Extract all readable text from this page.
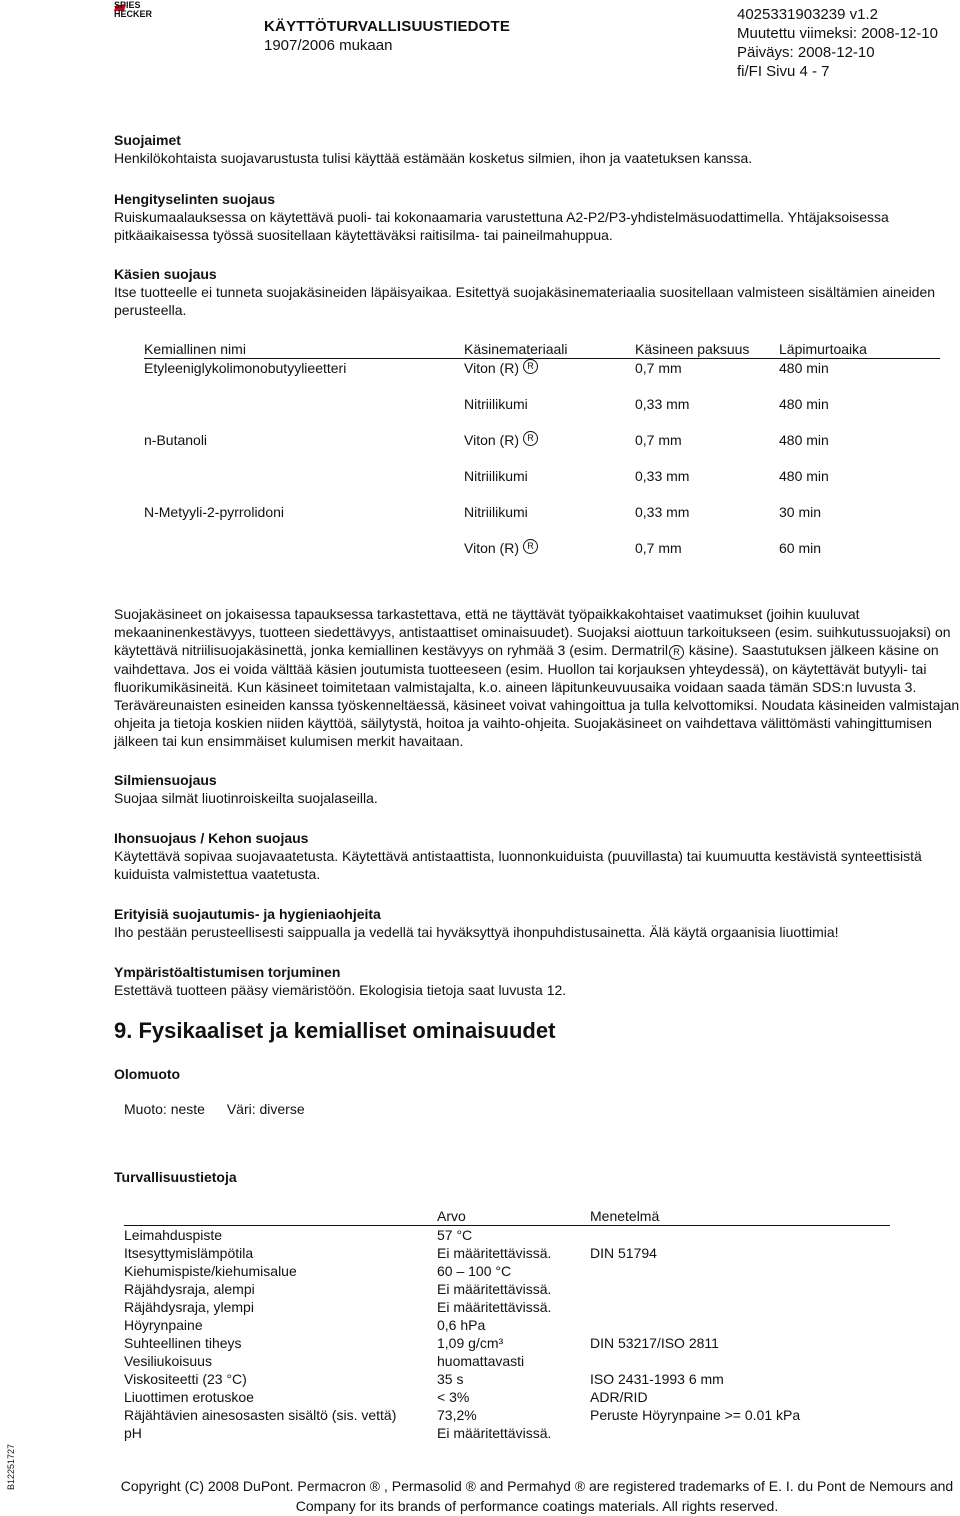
SPIES
HECKER
KÄYTTÖTURVALLISUUSTIEDOTE
1907/2006 mukaan
4025331903239 v1.2
Muutettu viimeksi: 2008-12-10
Päiväys: 2008-12-10
fi/FI Sivu 4 - 7
Suojaimet

Henkilökohtaista suojavarustusta tulisi käyttää estämään kosketus silmien, ihon ja vaatetuksen kanssa.

Hengityselinten suojaus

Ruiskumaalauksessa on käytettävä puoli- tai kokonaamaria varustettuna A2-P2/P3-yhdistelmäsuodattimella. Yhtäjaksoisessa pitkäaikaisessa työssä suositellaan käytettäväksi raitisilma- tai paineilmahuppua.

Käsien suojaus

Itse tuotteelle ei tunneta suojakäsineiden läpäisyaikaa. Esitettyä suojakäsinemateriaalia suositellaan valmisteen sisältämien aineiden perusteella.

Kemiallinen nimi	Käsinemateriaali	Käsineen paksuus	Läpimurtoaika
Etyleeniglykolimonobutyylieetteri	Viton (R) R	0,7 mm	480 min
	Nitriilikumi	0,33 mm	480 min
n-Butanoli	Viton (R) R	0,7 mm	480 min
	Nitriilikumi	0,33 mm	480 min
N-Metyyli-2-pyrrolidoni	Nitriilikumi	0,33 mm	30 min
	Viton (R) R	0,7 mm	60 min

Suojakäsineet on jokaisessa tapauksessa tarkastettava, että ne täyttävät työpaikkakohtaiset vaatimukset (joihin kuuluvat mekaaninenkestävyys, tuotteen siedettävyys, antistaattiset ominaisuudet). Suojaksi aiottuun tarkoitukseen (esim. suihkutussuojaksi) on käytettävä nitriilisuojakäsinettä, jonka kemiallinen kestävyys on ryhmää 3 (esim. Dermatril R käsine). Saastutuksen jälkeen käsine on vaihdettava. Jos ei voida välttää käsien joutumista tuotteeseen (esim. Huollon tai korjauksen yhteydessä), on käytettävät butyyli- tai fluorikumikäsineitä. Kun käsineet toimitetaan valmistajalta, k.o. aineen läpitunkeuvuusaika voidaan saada tämän SDS:n luvusta 3. Teräväreunaisten esineiden kanssa työskenneltäessä, käsineet voivat vahingoittua ja tulla kelvottomiksi. Noudata käsineiden valmistajan ohjeita ja tietoja koskien niiden käyttöä, säilytystä, hoitoa ja vaihto-ohjeita. Suojakäsineet on vaihdettava välittömästi vahingittumisen jälkeen tai kun ensimmäiset kulumisen merkit havaitaan.

Silmiensuojaus

Suojaa silmät liuotinroiskeilta suojalaseilla.

Ihonsuojaus / Kehon suojaus

Käytettävä sopivaa suojavaatetusta. Käytettävä antistaattista, luonnonkuiduista (puuvillasta) tai kuumuutta kestävistä synteettisistä kuiduista valmistettua vaatetusta.

Erityisiä suojautumis- ja hygieniaohjeita

Iho pestään perusteellisesti saippualla ja vedellä tai hyväksyttyä ihonpuhdistusainetta. Älä käytä orgaanisia liuottimia!

Ympäristöaltistumisen torjuminen

Estettävä tuotteen pääsy viemäristöön. Ekologisia tietoja saat luvusta 12.

9. Fysikaaliset ja kemialliset ominaisuudet
Olomuoto
Muoto: neste Väri: diverse
Turvallisuustietoja
	Arvo	Menetelmä
Leimahduspiste	57 °C	
Itsesyttymislämpötila	Ei määritettävissä.	DIN 51794
Kiehumispiste/kiehumisalue	60 – 100 °C	
Räjähdysraja, alempi	Ei määritettävissä.	
Räjähdysraja, ylempi	Ei määritettävissä.	
Höyrynpaine	0,6 hPa	
Suhteellinen tiheys	1,09 g/cm³	DIN 53217/ISO 2811
Vesiliukoisuus	huomattavasti	
Viskositeetti (23 °C)	35 s	ISO 2431-1993 6 mm
Liuottimen erotuskoe	< 3%	ADR/RID
Räjähtävien ainesosasten sisältö (sis. vettä)	73,2%	Peruste Höyrynpaine >= 0.01 kPa
pH	Ei määritettävissä.	
B12251727	Copyright (C) 2008 DuPont. Permacron ® , Permasolid ® and Permahyd ® are registered trademarks of E. I. du Pont de Nemours and
Company for its brands of performance coatings materials. All rights reserved.
